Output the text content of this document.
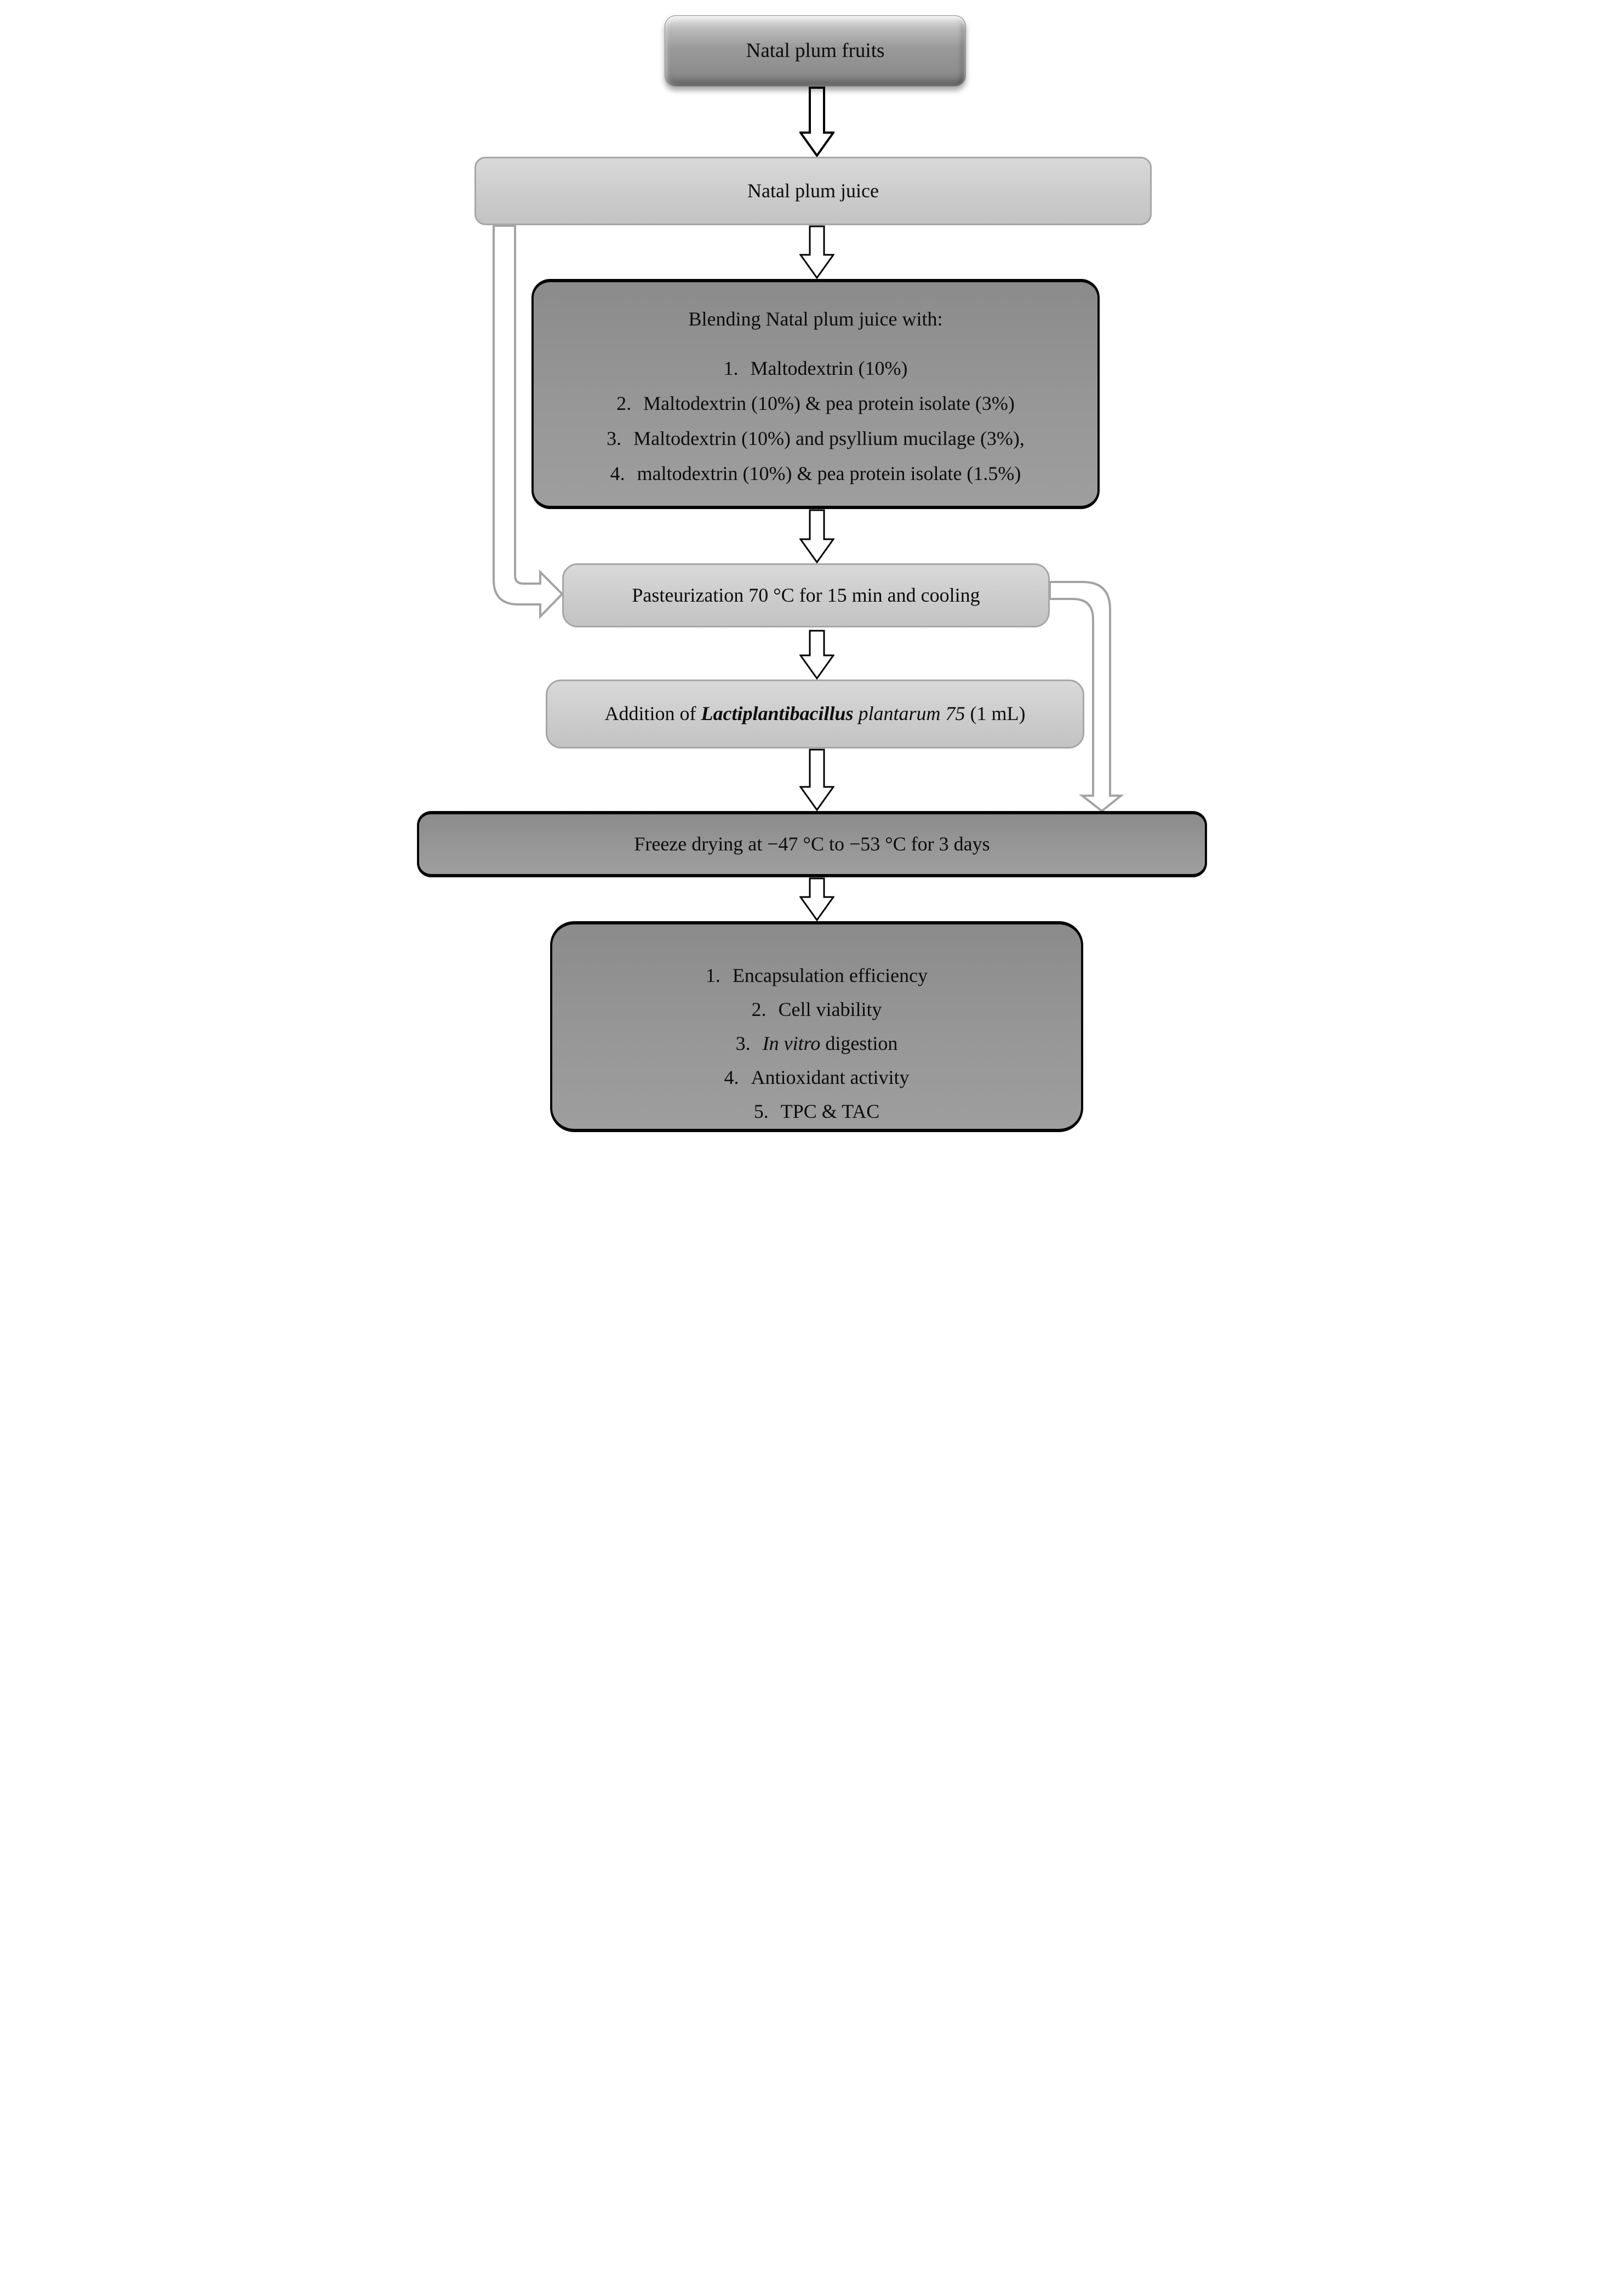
Natal plum fruits
Natal plum juice
Blending Natal plum juice with:
1. Maltodextrin (10%)
2. Maltodextrin (10%) & pea protein isolate (3%)
3. Maltodextrin (10%) and psyllium mucilage (3%),
4. maltodextrin (10%) & pea protein isolate (1.5%)
Pasteurization 70 °C for 15 min and cooling
Addition of Lactiplantibacillus plantarum 75 (1 mL)
Freeze drying at −47 °C to −53 °C for 3 days
1. Encapsulation efficiency
2. Cell viability
3. In vitro digestion
4. Antioxidant activity
5. TPC & TAC
